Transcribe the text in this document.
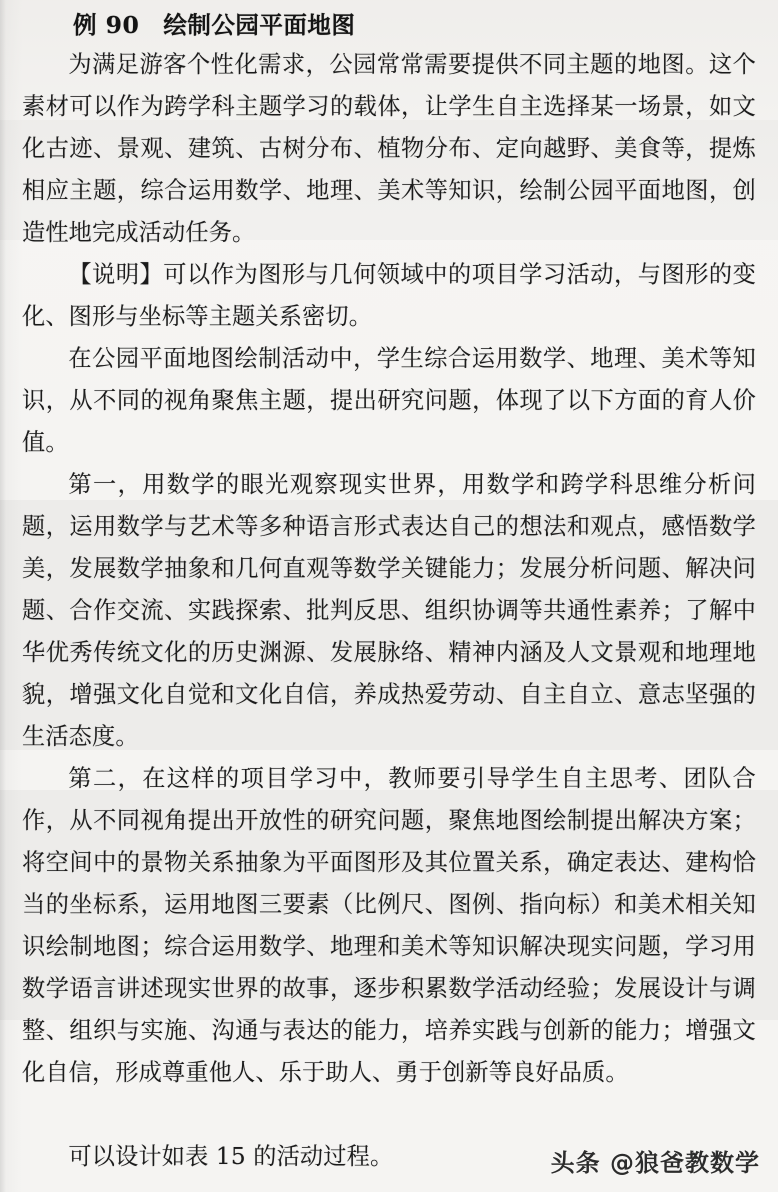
例 90　绘制公园平面地图

为满足游客个性化需求，公园常常需要提供不同主题的地图。这个素材可以作为跨学科主题学习的载体，让学生自主选择某一场景，如文化古迹、景观、建筑、古树分布、植物分布、定向越野、美食等，提炼相应主题，综合运用数学、地理、美术等知识，绘制公园平面地图，创造性地完成活动任务。

【说明】可以作为图形与几何领域中的项目学习活动，与图形的变化、图形与坐标等主题关系密切。

在公园平面地图绘制活动中，学生综合运用数学、地理、美术等知识，从不同的视角聚焦主题，提出研究问题，体现了以下方面的育人价值。

第一，用数学的眼光观察现实世界，用数学和跨学科思维分析问题，运用数学与艺术等多种语言形式表达自己的想法和观点，感悟数学美，发展数学抽象和几何直观等数学关键能力；发展分析问题、解决问题、合作交流、实践探索、批判反思、组织协调等共通性素养；了解中华优秀传统文化的历史渊源、发展脉络、精神内涵及人文景观和地理地貌，增强文化自觉和文化自信，养成热爱劳动、自主自立、意志坚强的生活态度。

第二，在这样的项目学习中，教师要引导学生自主思考、团队合作，从不同视角提出开放性的研究问题，聚焦地图绘制提出解决方案；将空间中的景物关系抽象为平面图形及其位置关系，确定表达、建构恰当的坐标系，运用地图三要素（比例尺、图例、指向标）和美术相关知识绘制地图；综合运用数学、地理和美术等知识解决现实问题，学习用数学语言讲述现实世界的故事，逐步积累数学活动经验；发展设计与调整、组织与实施、沟通与表达的能力，培养实践与创新的能力；增强文化自信，形成尊重他人、乐于助人、勇于创新等良好品质。

可以设计如表 15 的活动过程。	头条 @狼爸教数学
